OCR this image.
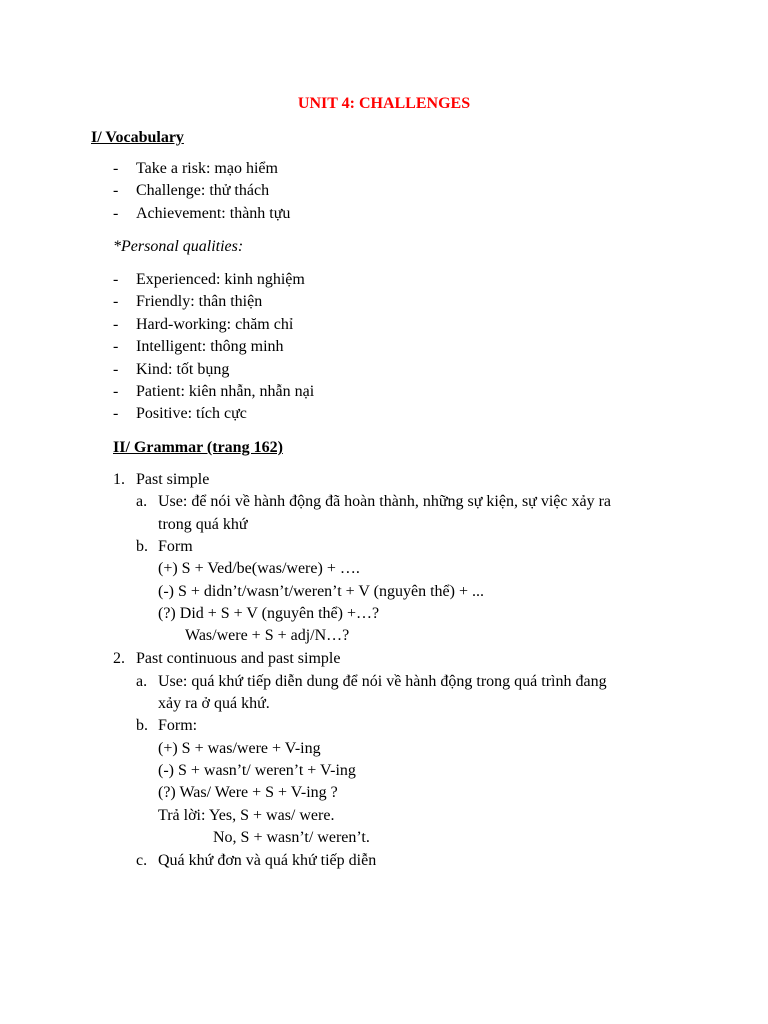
UNIT 4: CHALLENGES
I/ Vocabulary
- Take a risk: mạo hiểm
- Challenge: thử thách
- Achievement: thành tựu
*Personal qualities:
- Experienced: kinh nghiệm
- Friendly: thân thiện
- Hard-working: chăm chỉ
- Intelligent: thông minh
- Kind: tốt bụng
- Patient: kiên nhẫn, nhẫn nại
- Positive: tích cực
II/ Grammar (trang 162)
1. Past simple
a. Use: để nói về hành động đã hoàn thành, những sự kiện, sự việc xảy ra
trong quá khứ
b. Form
(+) S + Ved/be(was/were) + ….
(-) S + didn’t/wasn’t/weren’t + V (nguyên thể) + ...
(?) Did + S + V (nguyên thể) +…?
Was/were + S + adj/N…?
2. Past continuous and past simple
a. Use: quá khứ tiếp diễn dung để nói về hành động trong quá trình đang
xảy ra ở quá khứ.
b. Form:
(+) S + was/were + V-ing
(-) S + wasn’t/ weren’t + V-ing
(?) Was/ Were + S + V-ing ?
Trả lời: Yes, S + was/ were.
No, S + wasn’t/ weren’t.
c. Quá khứ đơn và quá khứ tiếp diễn
